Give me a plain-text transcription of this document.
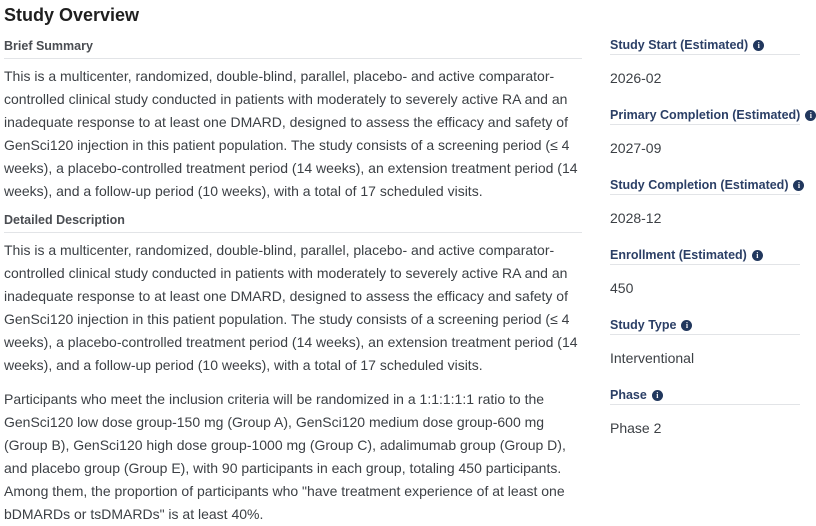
Study Overview
Brief Summary

This is a multicenter, randomized, double-blind, parallel, placebo- and active comparator-controlled clinical study conducted in patients with moderately to severely active RA and an inadequate response to at least one DMARD, designed to assess the efficacy and safety of GenSci120 injection in this patient population. The study consists of a screening period (≤ 4 weeks), a placebo-controlled treatment period (14 weeks), an extension treatment period (14 weeks), and a follow-up period (10 weeks), with a total of 17 scheduled visits.

Detailed Description

This is a multicenter, randomized, double-blind, parallel, placebo- and active comparator-controlled clinical study conducted in patients with moderately to severely active RA and an inadequate response to at least one DMARD, designed to assess the efficacy and safety of GenSci120 injection in this patient population. The study consists of a screening period (≤ 4 weeks), a placebo-controlled treatment period (14 weeks), an extension treatment period (14 weeks), and a follow-up period (10 weeks), with a total of 17 scheduled visits.

Participants who meet the inclusion criteria will be randomized in a 1:1:1:1:1 ratio to the GenSci120 low dose group-150 mg (Group A), GenSci120 medium dose group-600 mg (Group B), GenSci120 high dose group-1000 mg (Group C), adalimumab group (Group D), and placebo group (Group E), with 90 participants in each group, totaling 450 participants. Among them, the proportion of participants who "have treatment experience of at least one bDMARDs or tsDMARDs" is at least 40%.

Study Start (Estimated) i
2026-02
Primary Completion (Estimated) i
2027-09
Study Completion (Estimated) i
2028-12
Enrollment (Estimated) i
450
Study Type i
Interventional
Phase i
Phase 2
